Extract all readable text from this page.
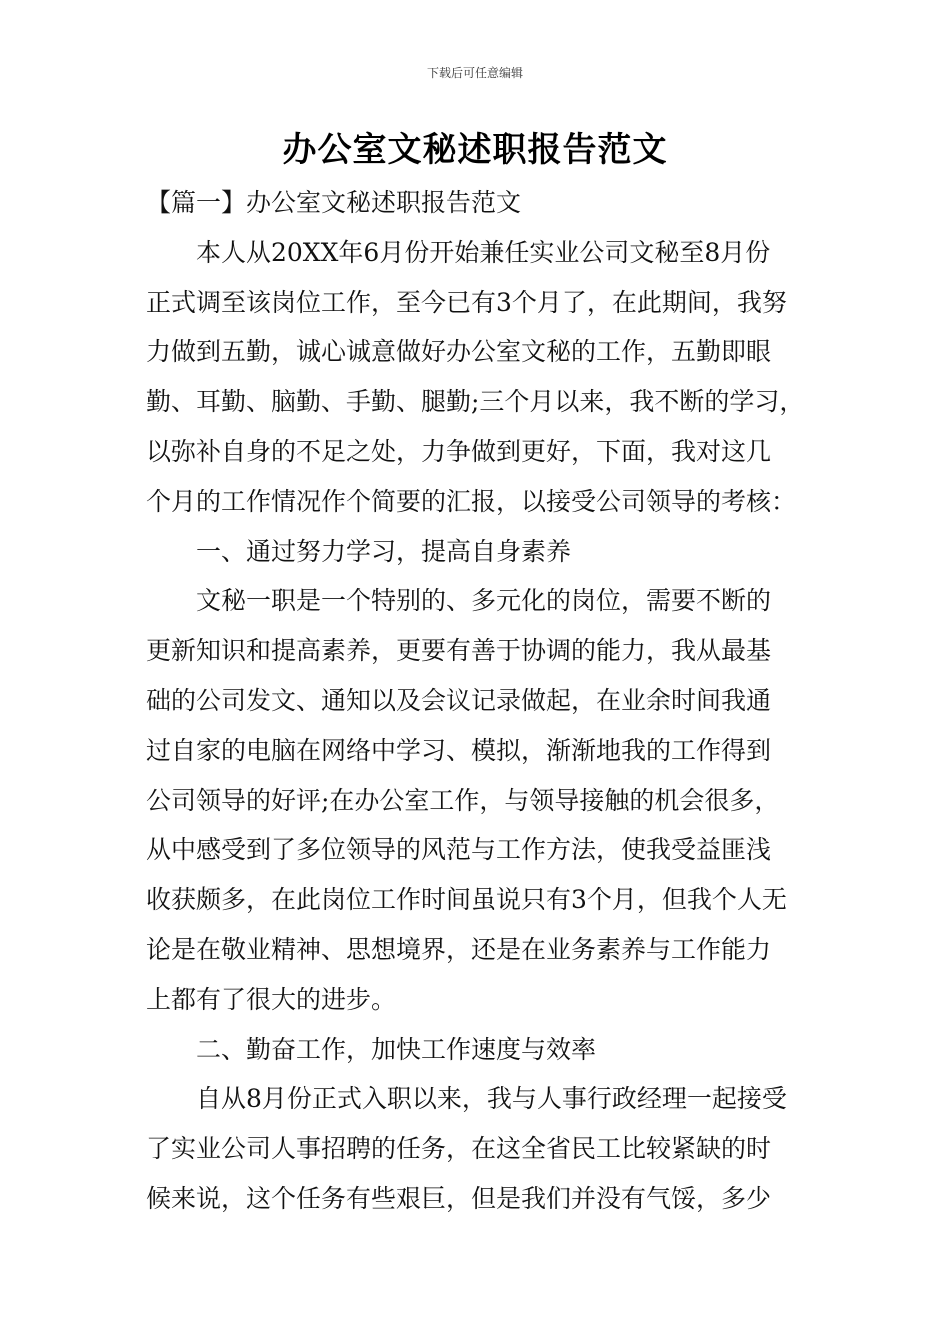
下载后可任意编辑
办公室文秘述职报告范文
【篇一】办公室文秘述职报告范文
本人从20XX年6月份开始兼任实业公司文秘至8月份
正式调至该岗位工作，至今已有3个月了，在此期间，我努
力做到五勤，诚心诚意做好办公室文秘的工作，五勤即眼
勤、耳勤、脑勤、手勤、腿勤;三个月以来，我不断的学习，
以弥补自身的不足之处，力争做到更好，下面，我对这几
个月的工作情况作个简要的汇报，以接受公司领导的考核：
一、通过努力学习，提高自身素养
文秘一职是一个特别的、多元化的岗位，需要不断的
更新知识和提高素养，更要有善于协调的能力，我从最基
础的公司发文、通知以及会议记录做起，在业余时间我通
过自家的电脑在网络中学习、模拟，渐渐地我的工作得到
公司领导的好评;在办公室工作，与领导接触的机会很多，
从中感受到了多位领导的风范与工作方法，使我受益匪浅
收获颇多，在此岗位工作时间虽说只有3个月，但我个人无
论是在敬业精神、思想境界，还是在业务素养与工作能力
上都有了很大的进步。
二、勤奋工作，加快工作速度与效率
自从8月份正式入职以来，我与人事行政经理一起接受
了实业公司人事招聘的任务，在这全省民工比较紧缺的时
候来说，这个任务有些艰巨，但是我们并没有气馁，多少
